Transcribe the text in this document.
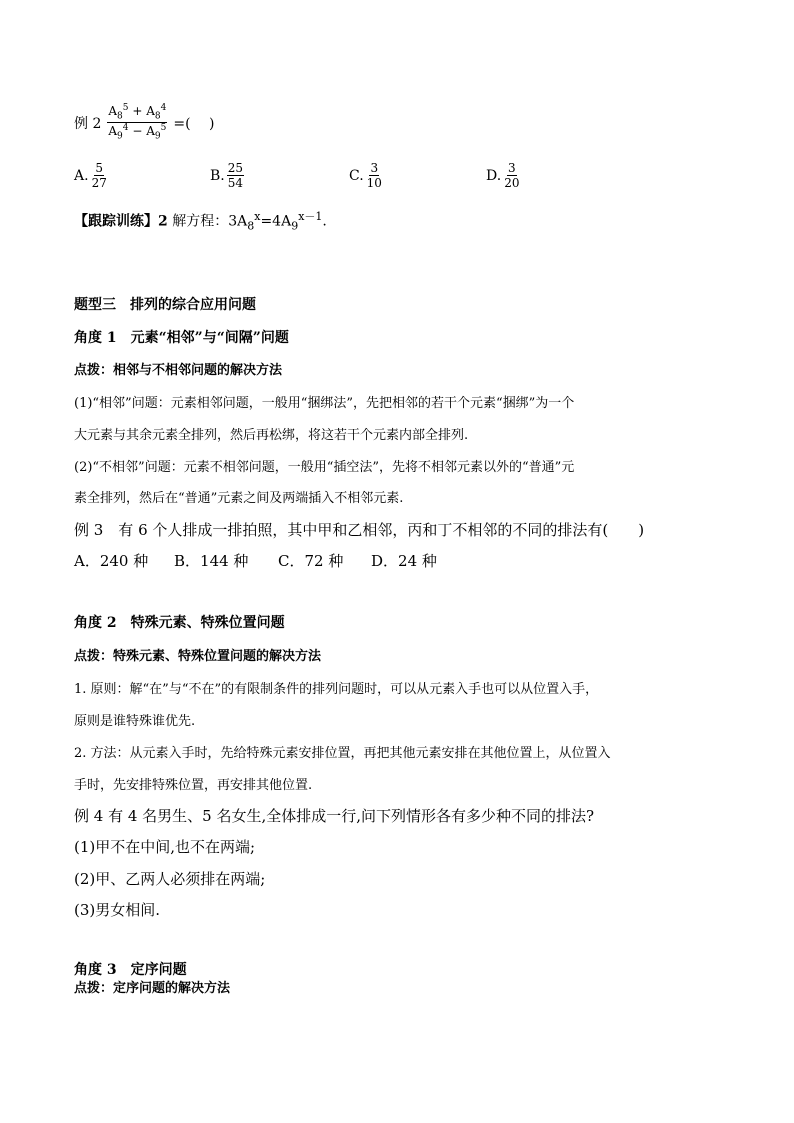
例 $2 \frac{A_8^5 + A_8^4}{A_9^4 - A_9^5}$ =(　 )
A. $\frac{5}{27}$	B. $\frac{25}{54}$	C. $\frac{3}{10}$	D. $\frac{3}{20}$
【跟踪训练】2 解方程：$3A_8^x=4A_9^{x-1}$.
题型三　排列的综合应用问题
角度 1　元素“相邻”与“间隔”问题
点拨：相邻与不相邻问题的解决方法
(1)“相邻”问题：元素相邻问题，一般用“捆绑法”，先把相邻的若干个元素“捆绑”为一个
大元素与其余元素全排列，然后再松绑，将这若干个元素内部全排列.
(2)“不相邻”问题：元素不相邻问题，一般用“插空法”，先将不相邻元素以外的“普通”元
素全排列，然后在“普通”元素之间及两端插入不相邻元素.
例 3　有 6 个人排成一排拍照，其中甲和乙相邻，丙和丁不相邻的不同的排法有(　　)
A．240 种 B．144 种 C．72 种 D．24 种
角度 2　特殊元素、特殊位置问题
点拨：特殊元素、特殊位置问题的解决方法
1. 原则：解“在”与“不在”的有限制条件的排列问题时，可以从元素入手也可以从位置入手，
原则是谁特殊谁优先.
2. 方法：从元素入手时，先给特殊元素安排位置，再把其他元素安排在其他位置上，从位置入
手时，先安排特殊位置，再安排其他位置.
例 4 有 4 名男生、5 名女生,全体排成一行,问下列情形各有多少种不同的排法?
(1)甲不在中间,也不在两端;
(2)甲、乙两人必须排在两端;
(3)男女相间.
角度 3　定序问题
点拨：定序问题的解决方法
